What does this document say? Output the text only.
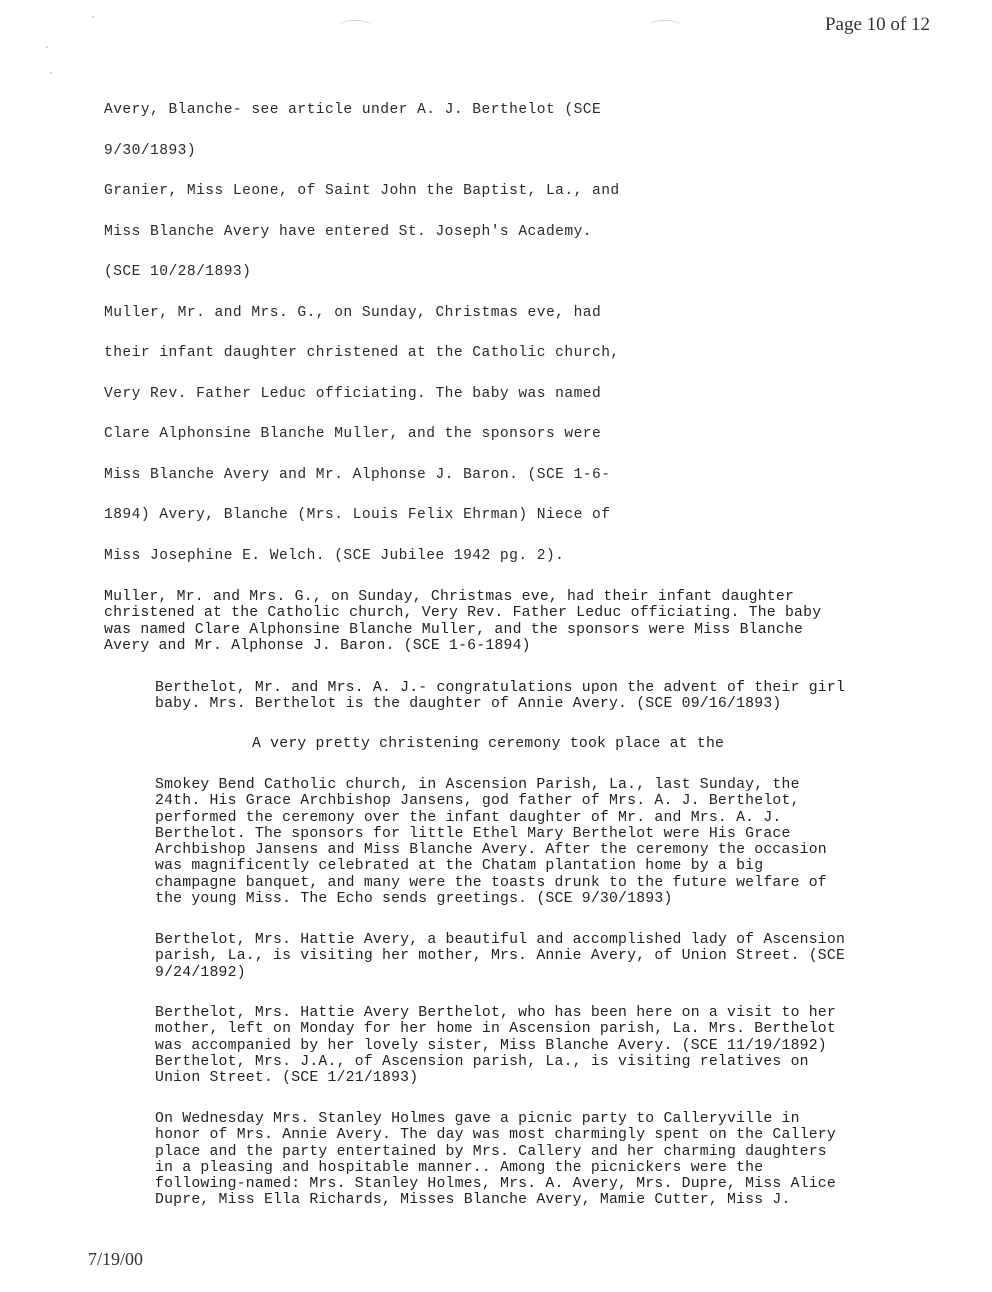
Page 10 of 12
Avery, Blanche- see article under A. J. Berthelot (SCE
9/30/1893)
Granier, Miss Leone, of Saint John the Baptist, La., and
Miss Blanche Avery have entered St. Joseph's Academy.
(SCE 10/28/1893)
Muller, Mr. and Mrs. G., on Sunday, Christmas eve, had
their infant daughter christened at the Catholic church,
Very Rev. Father Leduc officiating. The baby was named
Clare Alphonsine Blanche Muller, and the sponsors were
Miss Blanche Avery and Mr. Alphonse J. Baron. (SCE 1-6-
1894) Avery, Blanche (Mrs. Louis Felix Ehrman) Niece of
Miss Josephine E. Welch. (SCE Jubilee 1942 pg. 2).
Muller, Mr. and Mrs. G., on Sunday, Christmas eve, had their infant daughter
christened at the Catholic church, Very Rev. Father Leduc officiating. The baby
was named Clare Alphonsine Blanche Muller, and the sponsors were Miss Blanche
Avery and Mr. Alphonse J. Baron. (SCE 1-6-1894)
Berthelot, Mr. and Mrs. A. J.- congratulations upon the advent of their girl
baby. Mrs. Berthelot is the daughter of Annie Avery. (SCE 09/16/1893)
A very pretty christening ceremony took place at the
Smokey Bend Catholic church, in Ascension Parish, La., last Sunday, the
24th. His Grace Archbishop Jansens, god father of Mrs. A. J. Berthelot,
performed the ceremony over the infant daughter of Mr. and Mrs. A. J.
Berthelot. The sponsors for little Ethel Mary Berthelot were His Grace
Archbishop Jansens and Miss Blanche Avery. After the ceremony the occasion
was magnificently celebrated at the Chatam plantation home by a big
champagne banquet, and many were the toasts drunk to the future welfare of
the young Miss. The Echo sends greetings. (SCE 9/30/1893)
Berthelot, Mrs. Hattie Avery, a beautiful and accomplished lady of Ascension
parish, La., is visiting her mother, Mrs. Annie Avery, of Union Street. (SCE
9/24/1892)
Berthelot, Mrs. Hattie Avery Berthelot, who has been here on a visit to her
mother, left on Monday for her home in Ascension parish, La. Mrs. Berthelot
was accompanied by her lovely sister, Miss Blanche Avery. (SCE 11/19/1892)
Berthelot, Mrs. J.A., of Ascension parish, La., is visiting relatives on
Union Street. (SCE 1/21/1893)
On Wednesday Mrs. Stanley Holmes gave a picnic party to Calleryville in
honor of Mrs. Annie Avery. The day was most charmingly spent on the Callery
place and the party entertained by Mrs. Callery and her charming daughters
in a pleasing and hospitable manner.. Among the picnickers were the
following-named: Mrs. Stanley Holmes, Mrs. A. Avery, Mrs. Dupre, Miss Alice
Dupre, Miss Ella Richards, Misses Blanche Avery, Mamie Cutter, Miss J.
7/19/00
